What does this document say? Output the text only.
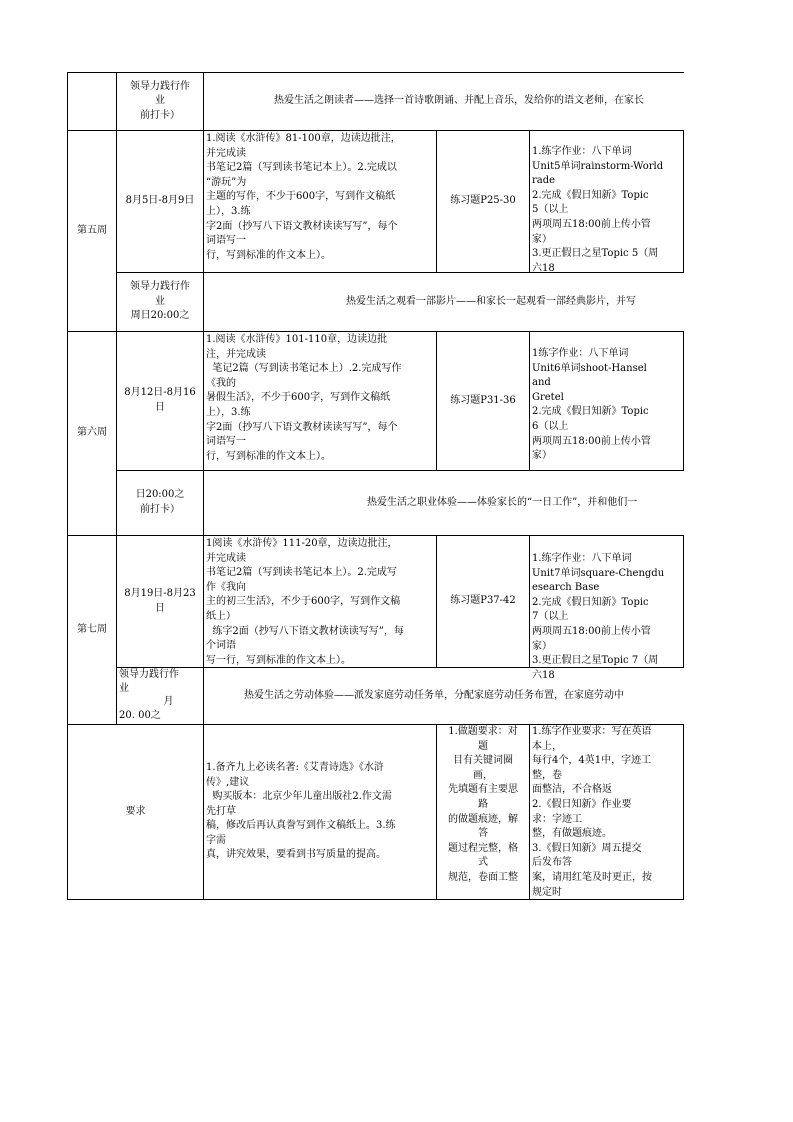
领导力践行作
业
前打卡）
热爱生活之朗读者——选择一首诗歌朗诵、并配上音乐，发给你的语文老师，在家长
第五周
8月5日-8月9日
1.阅读《水浒传》81-100章，边读边批注，
并完成读
书笔记2篇（写到读书笔记本上）。2.完成以
“游玩”为
主题的写作，不少于600字，写到作文稿纸
上），3.练
字2面（抄写八下语文教材读读写写”，每个
词语写一
行，写到标准的作文本上）。
练习题P25-30
1.练字作业：八下单词
Unit5单词rainstorm-World
rade
2.完成《假日知新》Topic
5（以上
两项周五18:00前上传小管
家）
3.更正假日之星Topic 5（周
六18
领导力践行作
业
周日20:00之
热爱生活之观看一部影片——和家长一起观看一部经典影片，并写
第六周
8月12日-8月16
日
1.阅读《水浒传》101-110章，边读边批
注，并完成读
笔记2篇（写到读书笔记本上）.2.完成写作
《我的
暑假生活》，不少于600字，写到作文稿纸
上），3.练
字2面（抄写八下语文教材读读写写”，每个
词语写一
行，写到标准的作文本上）。
练习题P31-36
1练字作业：八下单词
Unit6单词shoot-Hansel
and
Gretel
2.完成《假日知新》Topic
6（以上
两项周五18:00前上传小管
家）
日20:00之
前打卡）
热爱生活之职业体验——体验家长的“一日工作”，并和他们一
第七周
8月19日-8月23
日
1阅读《水浒传》111-20章，边读边批注，
并完成读
书笔记2篇（写到读书笔记本上）。2.完成写
作《我向
主的初三生活》，不少于600字，写到作文稿
纸上）
练字2面（抄写八下语文教材读读写写”，每
个词语
写一行，写到标准的作文本上）。
练习题P37-42
1.练字作业：八下单词
Unit7单词square-Chengdu
esearch Base
2.完成《假日知新》Topic
7（以上
两项周五18:00前上传小管
家）
3.更正假日之星Topic 7（周
六18
领导力践行作
业
月
20. 00之
热爱生活之劳动体验——派发家庭劳动任务单，分配家庭劳动任务布置，在家庭劳动中
要求
1.备齐九上必读名著:《艾青诗选》《水浒
传》,建议
购买版本：北京少年儿童出版社2.作文需
先打草
稿，修改后再认真誊写到作文稿纸上。3.练
字需
真，讲究效果，要看到书写质量的提高。
1.做题要求：对
题
目有关键词圈
画，
先填题有主要思
路
的做题痕迹，解
答
题过程完整，格
式
规范，卷面工整
1.练字作业要求：写在英语
本上，
每行4个，4英1中，字迹工
整，卷
面整洁，不合格返
2.《假日知新》作业要
求：字迹工
整，有做题痕迹。
3.《假日知新》周五提交
后发布答
案，请用红笔及时更正，按
规定时
